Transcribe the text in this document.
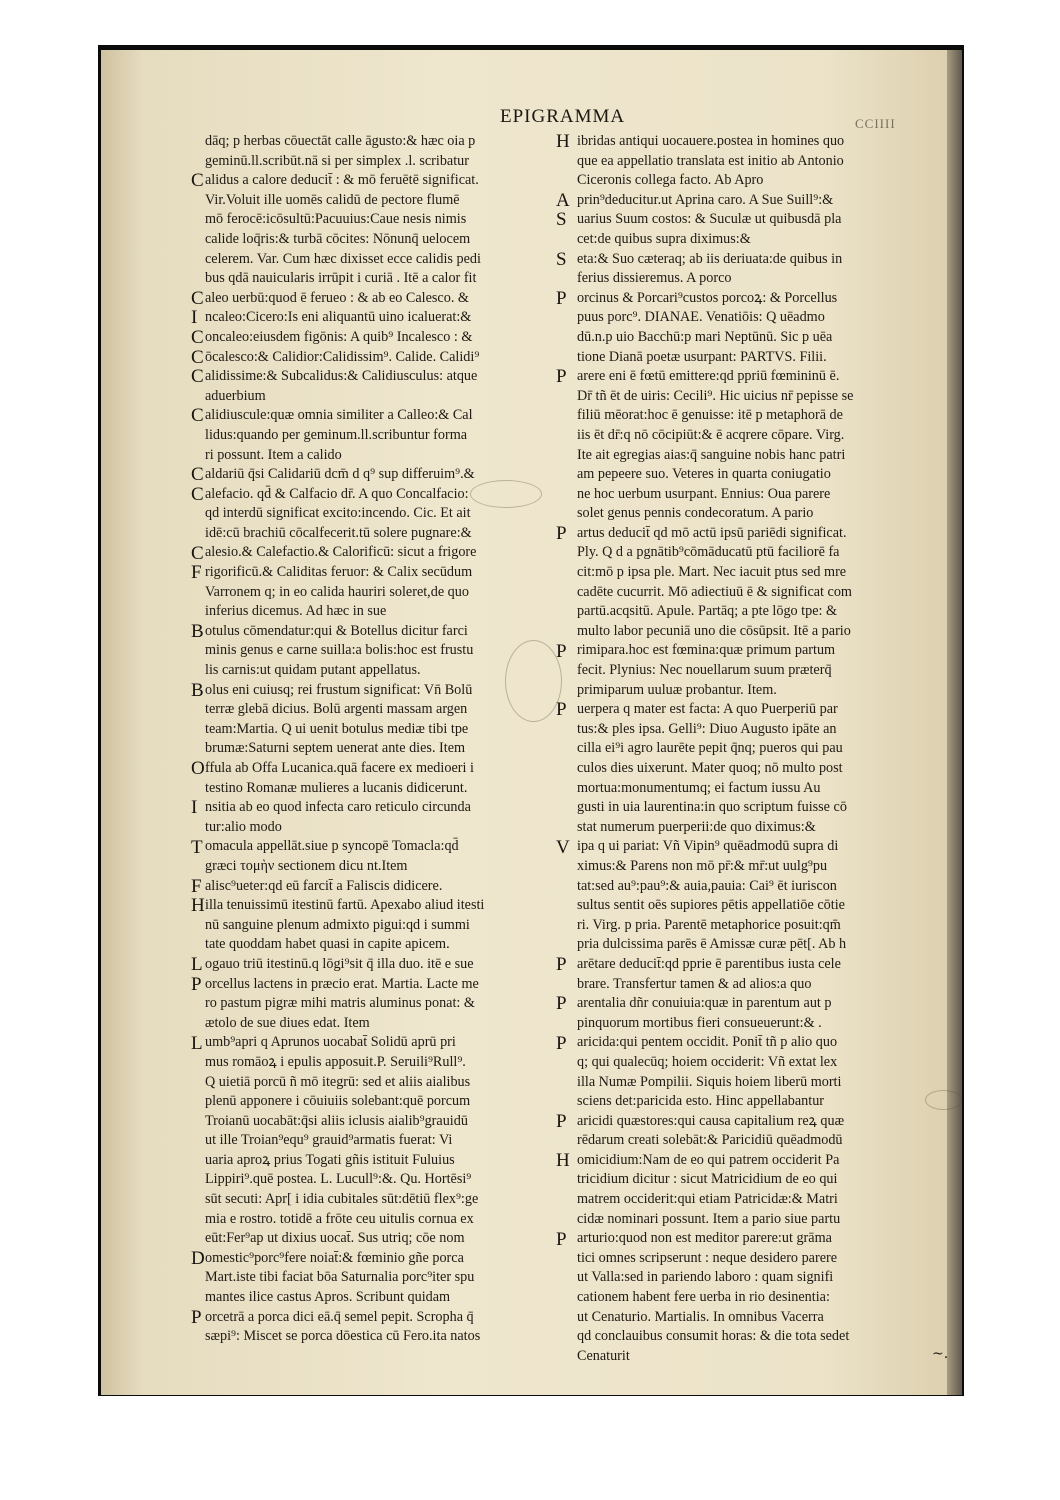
CCIIII
EPIGRAMMA
dāq; p herbas cōuectāt calle āgusto:& hæc oia p
geminū.ll.scribūt.nā si per simplex .l. scribatur
alidus a calore deducit̄ : & mō feruētē significat.
Vir.Voluit ille uomēs calidū de pectore flumē
mō ferocē:icōsultū:Pacuuius:Caue nesis nimis
calide loq̄ris:& turbā cōcites: Nōnunq̄ uelocem
celerem. Var. Cum hæc dixisset ecce calidis pedi
bus qdā nauicularis irrūpit i curiā . Itē a calor fit
aleo uerbū:quod ē ferueo : & ab eo Calesco. &
ncaleo:Cicero:Is eni aliquantū uino icaluerat:&
oncaleo:eiusdem figōnis: A quib⁹ Incalesco : &
ōcalesco:& Calidior:Calidissim⁹. Calide. Calidi⁹
alidissime:& Subcalidus:& Calidiusculus: atque
aduerbium
alidiuscule:quæ omnia similiter a Calleo:& Cal
lidus:quando per geminum.ll.scribuntur forma
ri possunt. Item a calido
aldariū q̄si Calidariū dcm̄ d q⁹ sup differuim⁹.&
alefacio. qd̄ & Calfacio dr̄. A quo Concalfacio:
qd interdū significat excito:incendo. Cic. Et ait
idē:cū brachiū cōcalfecerit.tū solere pugnare:&
alesio.& Calefactio.& Calorificū: sicut a frigore
rigorificū.& Caliditas feruor: & Calix secūdum
Varronem q; in eo calida hauriri soleret,de quo
inferius dicemus. Ad hæc in sue
otulus cōmendatur:qui & Botellus dicitur farci
minis genus e carne suilla:a bolis:hoc est frustu
lis carnis:ut quidam putant appellatus.
olus eni cuiusq; rei frustum significat: Vn̄ Bolū
terræ glebā dicius. Bolū argenti massam argen
team:Martia. Q ui uenit botulus mediæ tibi tpe
brumæ:Saturni septem uenerat ante dies. Item
ffula ab Offa Lucanica.quā facere ex medioeri i
testino Romanæ mulieres a lucanis didicerunt.
nsitia ab eo quod infecta caro reticulo circunda
tur:alio modo
omacula appellāt.siue p syncopē Tomacla:qd̄
græci τομὴν sectionem dicu nt.Item
alisc⁹ueter:qd eū farcit̄ a Faliscis didicere.
illa tenuissimū itestinū fartū. Apexabo aliud itesti
nū sanguine plenum admixto pigui:qd i summi
tate quoddam habet quasi in capite apicem.
ogauo triū itestinū.q lōgi⁹sit q̄ illa duo. itē e sue
orcellus lactens in præcio erat. Martia. Lacte me
ro pastum pigræ mihi matris aluminus ponat: &
ætolo de sue diues edat. Item
umb⁹apri q Aprunos uocabat̄ Solidū aprū pri
mus romāoꝝ i epulis apposuit.P. Seruili⁹Rull⁹.
Q uietiā porcū ñ mō itegrū: sed et aliis aialibus
plenū apponere i cōuiuiis solebant:quē porcum
Troianū uocabāt:q̄si aliis iclusis aialib⁹grauidū
ut ille Troian⁹equ⁹ grauid⁹armatis fuerat: Vi
uaria aproꝝ prius Togati gñis istituit Fuluius
Lippiri⁹.quē postea. L. Lucull⁹:&. Qu. Hortēsi⁹
sūt secuti: Apr[ i idia cubitales sūt:dētiū flex⁹:ge
mia e rostro. totidē a frōte ceu uitulis cornua ex
eūt:Fer⁹ap ut dixius uocat̄. Sus utriq; cōe nom
omestic⁹porc⁹fere noiat̄:& fœminio gñe porca
Mart.iste tibi faciat bōa Saturnalia porc⁹iter spu
mantes ilice castus Apros. Scribunt quidam
orcetrā a porca dici eā.q̄ semel pepit. Scropha q̄
sæpi⁹: Miscet se porca dōestica cū Fero.ita natos
ibridas antiqui uocauere.postea in homines quo
que ea appellatio translata est initio ab Antonio
Ciceronis collega facto. Ab Apro
prin⁹deducitur.ut Aprina caro. A Sue Suill⁹:&
uarius Suum costos: & Suculæ ut quibusdā pla
cet:de quibus supra diximus:&
eta:& Suo cæteraq; ab iis deriuata:de quibus in
ferius dissieremus. A porco
orcinus & Porcari⁹custos porcoꝝ: & Porcellus
puus porc⁹. DIANAE. Venatiōis: Q uēadmo
dū.n.p uio Bacchū:p mari Neptūnū. Sic p uēa
tione Dianā poetæ usurpant: PARTVS. Filii.
arere eni ē fœtū emittere:qd ppriū fœmininū ē.
Dr̄ tñ ēt de uiris: Cecili⁹. Hic uicius nr̄ pepisse se
filiū mēorat:hoc ē genuisse: itē p metaphorā de
iis ēt dr̄:q nō cōcipiūt:& ē acqrere cōpare. Virg.
Ite ait egregias aias:q̄ sanguine nobis hanc patri
am pepeere suo. Veteres in quarta coniugatio
ne hoc uerbum usurpant. Ennius: Oua parere
solet genus pennis condecoratum. A pario
artus deducit̄ qd mō actū ipsū pariēdi significat.
Ply. Q d a pgnātib⁹cōmāducatū ptū faciliorē fa
cit:mō p ipsa ple. Mart. Nec iacuit ptus sed mre
cadēte cucurrit. Mō adiectiuū ē & significat com
partū.acqsitū. Apule. Partāq; a pte lōgo tpe: &
multo labor pecuniā uno die cōsūpsit. Itē a pario
rimipara.hoc est fœmina:quæ primum partum
fecit. Plynius: Nec nouellarum suum præterq̄
primiparum uuluæ probantur. Item.
uerpera q mater est facta: A quo Puerperiū par
tus:& ples ipsa. Gelli⁹: Diuo Augusto ipāte an
cilla ei⁹i agro laurēte pepit q̄nq; pueros qui pau
culos dies uixerunt. Mater quoq; nō multo post
mortua:monumentumq; ei factum iussu Au
gusti in uia laurentina:in quo scriptum fuisse cō
stat numerum puerperii:de quo diximus:&
ipa q ui pariat: Vñ Vipin⁹ quēadmodū supra di
ximus:& Parens non mō pr̄:& mr̄:ut uulg⁹pu
tat:sed au⁹:pau⁹:& auia,pauia: Cai⁹ ēt iuriscon
sultus sentit oēs supiores pētis appellatiōe cōtie
ri. Virg. p pria. Parentē metaphorice posuit:qm̄
pria dulcissima parēs ē Amissæ curæ pēt[. Ab h
arētare deducit̄:qd pprie ē parentibus iusta cele
brare. Transfertur tamen & ad alios:a quo
arentalia dñr conuiuia:quæ in parentum aut p
pinquorum mortibus fieri consueuerunt:& .
aricida:qui pentem occidit. Ponit̄ tñ p alio quo
q; qui qualecūq; hoiem occiderit: Vñ extat lex
illa Numæ Pompilii. Siquis hoiem liberū morti
sciens det:paricida esto. Hinc appellabantur
aricidi quæstores:qui causa capitalium reꝝ quæ
rēdarum creati solebāt:& Paricidiū quēadmodū
omicidium:Nam de eo qui patrem occiderit Pa
tricidium dicitur : sicut Matricidium de eo qui
matrem occiderit:qui etiam Patricidæ:& Matri
cidæ nominari possunt. Item a pario siue partu
arturio:quod non est meditor parere:ut grāma
tici omnes scripserunt : neque desidero parere
ut Valla:sed in pariendo laboro : quam signifi
cationem habent fere uerba in rio desinentia:
ut Cenaturio. Martialis. In omnibus Vacerra
qd conclauibus consumit horas: & die tota sedet
Cenaturit	~.
C
C
I
C
C
C
C
C
C
C
F
B
B
O
I
T
F
H
L
P
L
D
P
H
A
S
S
P
P
P
P
P
V
P
P
P
P
H
P
